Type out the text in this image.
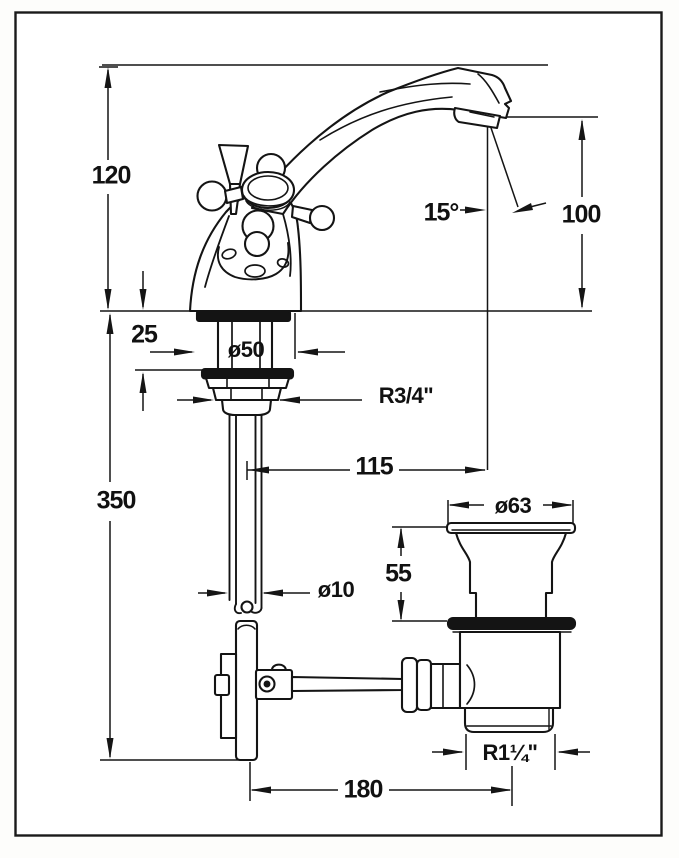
120
25
ø50
R3/4"
350
115
100
15°
ø63
55
ø10
R1¼"
180
